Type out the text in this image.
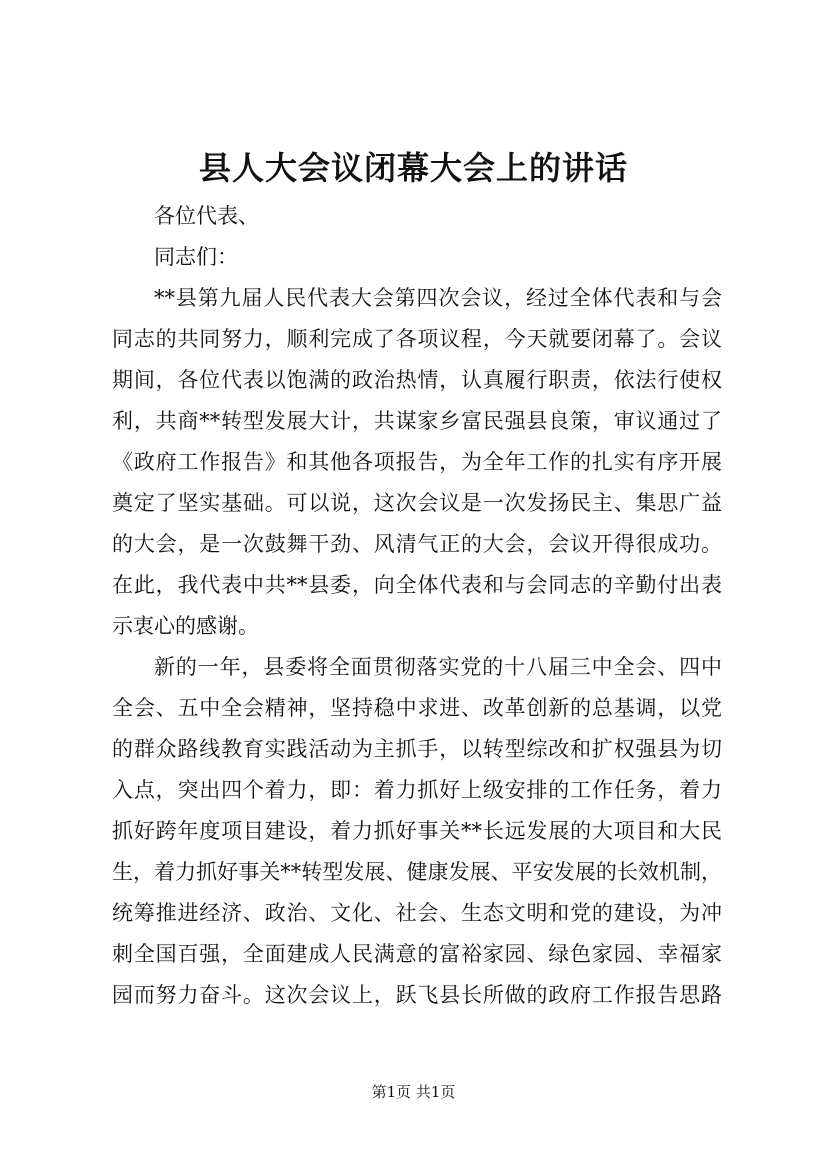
县人大会议闭幕大会上的讲话
各位代表、
同志们：
**县第九届人民代表大会第四次会议，经过全体代表和与会
同志的共同努力，顺利完成了各项议程，今天就要闭幕了。会议
期间，各位代表以饱满的政治热情，认真履行职责，依法行使权
利，共商**转型发展大计，共谋家乡富民强县良策，审议通过了
《政府工作报告》和其他各项报告，为全年工作的扎实有序开展
奠定了坚实基础。可以说，这次会议是一次发扬民主、集思广益
的大会，是一次鼓舞干劲、风清气正的大会，会议开得很成功。
在此，我代表中共**县委，向全体代表和与会同志的辛勤付出表
示衷心的感谢。
新的一年，县委将全面贯彻落实党的十八届三中全会、四中
全会、五中全会精神，坚持稳中求进、改革创新的总基调，以党
的群众路线教育实践活动为主抓手，以转型综改和扩权强县为切
入点，突出四个着力，即：着力抓好上级安排的工作任务，着力
抓好跨年度项目建设，着力抓好事关**长远发展的大项目和大民
生，着力抓好事关**转型发展、健康发展、平安发展的长效机制，
统筹推进经济、政治、文化、社会、生态文明和党的建设，为冲
刺全国百强，全面建成人民满意的富裕家园、绿色家园、幸福家
园而努力奋斗。这次会议上，跃飞县长所做的政府工作报告思路
第1页 共1页
